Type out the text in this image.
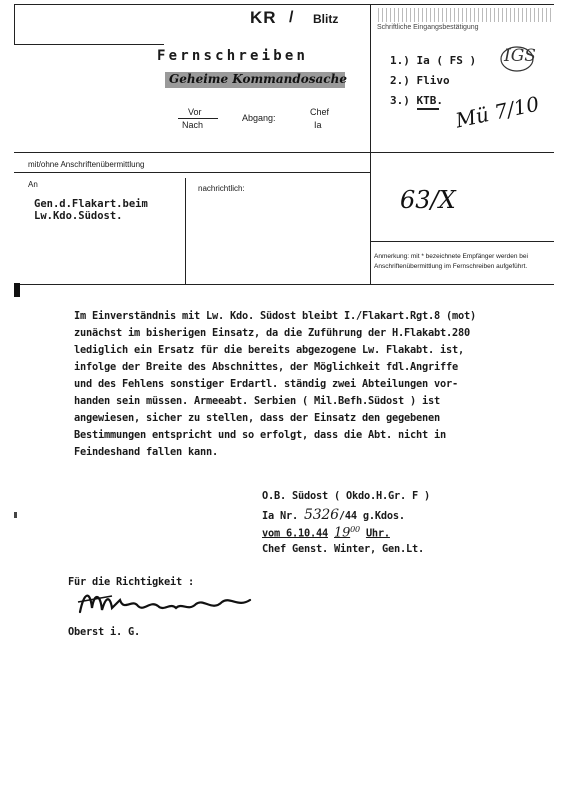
KR / Blitz
Fernschreiben
Geheime Kommandosache
Vor
Nach
Abgang:
Chef
Ia
Schriftliche Eingangsbestätigung
1.) Ia ( FS )
2.) Flivo
3.) KTB.
IGS
Mü 7/10
mit/ohne Anschriftenübermittlung
An
Gen.d.Flakart.beim
Lw.Kdo.Südost.
nachrichtlich:	63/X
Anmerkung: mit * bezeichnete Empfänger werden bei
Anschriftenübermittlung im Fernschreiben aufgeführt.
Im Einverständnis mit Lw. Kdo. Südost bleibt I./Flakart.Rgt.8 (mot)
zunächst im bisherigen Einsatz, da die Zuführung der H.Flakabt.280
lediglich ein Ersatz für die bereits abgezogene Lw. Flakabt. ist,
infolge der Breite des Abschnittes, der Möglichkeit fdl.Angriffe
und des Fehlens sonstiger Erdartl. ständig zwei Abteilungen vor-
handen sein müssen. Armeeabt. Serbien ( Mil.Befh.Südost ) ist
angewiesen, sicher zu stellen, dass der Einsatz den gegebenen
Bestimmungen entspricht und so erfolgt, dass die Abt. nicht in
Feindeshand fallen kann.
O.B. Südost ( Okdo.H.Gr. F )
Ia Nr. 5326/44 g.Kdos.
vom 6.10.44 $19^{00}$ Uhr.
Chef Genst. Winter, Gen.Lt.
Für die Richtigkeit :
Oberst i. G.
